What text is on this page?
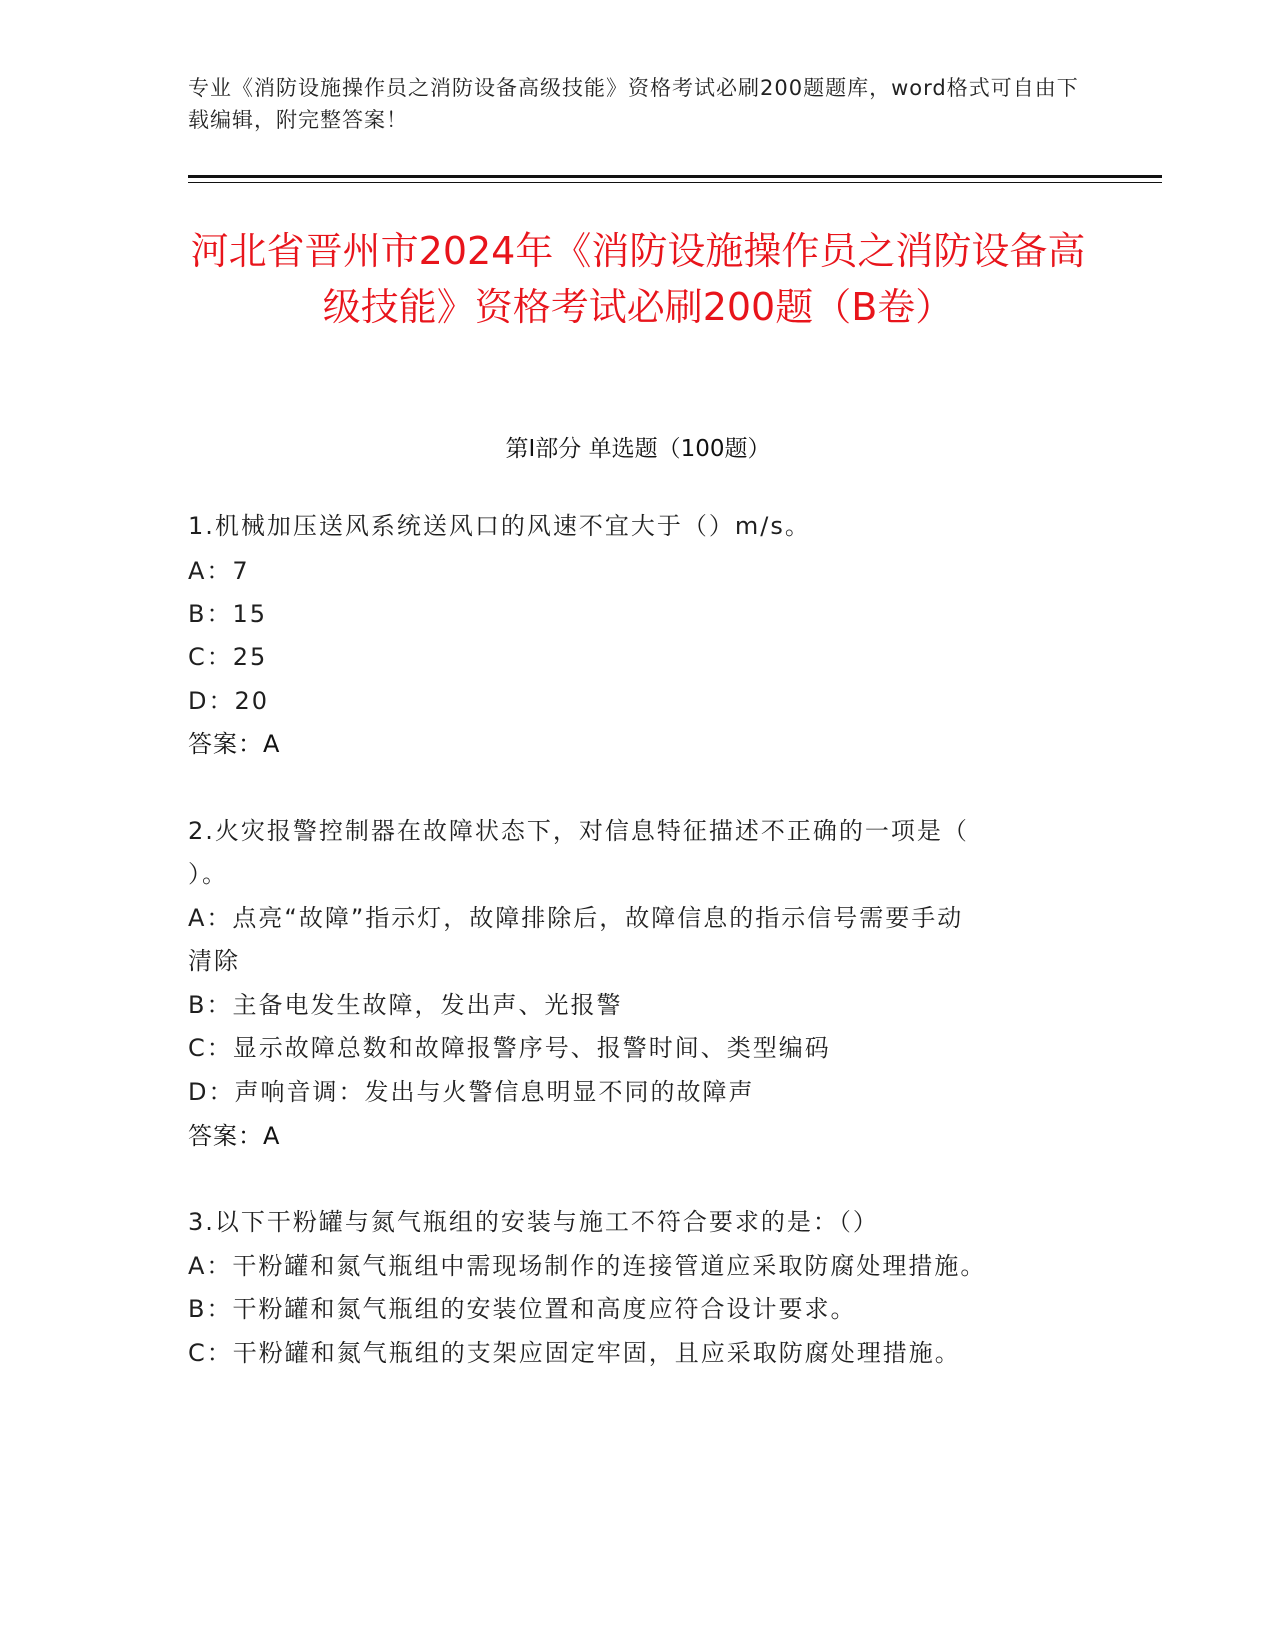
专业《消防设施操作员之消防设备高级技能》资格考试必刷200题题库，word格式可自由下载编辑，附完整答案！
河北省晋州市2024年《消防设施操作员之消防设备高级技能》资格考试必刷200题（B卷）
第Ⅰ部分 单选题（100题）
1.机械加压送风系统送风口的风速不宜大于（）m/s。
A：7
B：15
C：25
D：20
答案：A
2.火灾报警控制器在故障状态下，对信息特征描述不正确的一项是（
）。
A：点亮“故障”指示灯，故障排除后，故障信息的指示信号需要手动
清除
B：主备电发生故障，发出声、光报警
C：显示故障总数和故障报警序号、报警时间、类型编码
D：声响音调：发出与火警信息明显不同的故障声
答案：A
3.以下干粉罐与氮气瓶组的安装与施工不符合要求的是：（）
A：干粉罐和氮气瓶组中需现场制作的连接管道应采取防腐处理措施。
B：干粉罐和氮气瓶组的安装位置和高度应符合设计要求。
C：干粉罐和氮气瓶组的支架应固定牢固，且应采取防腐处理措施。
